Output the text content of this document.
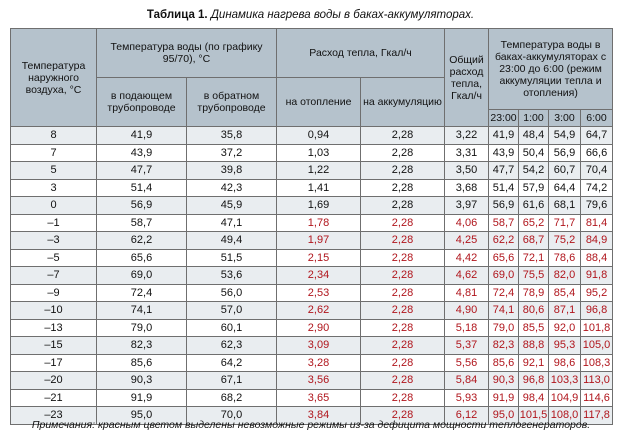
Таблица 1. Динамика нагрева воды в баках-аккумуляторах.
Температура наружного воздуха, °С	Температура воды (по графику 95/70), °С		Расход тепла, Гкал/ч		Общий расход тепла, Гкал/ч	Температура воды в баках-аккумуляторах с 23:00 до 6:00 (режим аккумуляции тепла и отопления)			
	в подающем трубопроводе	в обратном трубопроводе	на отопление	на аккумуляцию					
						23:00	1:00	3:00	6:00
8	41,9	35,8	0,94	2,28	3,22	41,9	48,4	54,9	64,7
7	43,9	37,2	1,03	2,28	3,31	43,9	50,4	56,9	66,6
5	47,7	39,8	1,22	2,28	3,50	47,7	54,2	60,7	70,4
3	51,4	42,3	1,41	2,28	3,68	51,4	57,9	64,4	74,2
0	56,9	45,9	1,69	2,28	3,97	56,9	61,6	68,1	79,6
–1	58,7	47,1	1,78	2,28	4,06	58,7	65,2	71,7	81,4
–3	62,2	49,4	1,97	2,28	4,25	62,2	68,7	75,2	84,9
–5	65,6	51,5	2,15	2,28	4,42	65,6	72,1	78,6	88,4
–7	69,0	53,6	2,34	2,28	4,62	69,0	75,5	82,0	91,8
–9	72,4	56,0	2,53	2,28	4,81	72,4	78,9	85,4	95,2
–10	74,1	57,0	2,62	2,28	4,90	74,1	80,6	87,1	96,8
–13	79,0	60,1	2,90	2,28	5,18	79,0	85,5	92,0	101,8
–15	82,3	62,3	3,09	2,28	5,37	82,3	88,8	95,3	105,0
–17	85,6	64,2	3,28	2,28	5,56	85,6	92,1	98,6	108,3
–20	90,3	67,1	3,56	2,28	5,84	90,3	96,8	103,3	113,0
–21	91,9	68,2	3,65	2,28	5,93	91,9	98,4	104,9	114,6
–23	95,0	70,0	3,84	2,28	6,12	95,0	101,5	108,0	117,8
Примечания: красным цветом выделены невозможные режимы из-за дефицита мощности теплогенераторов.
